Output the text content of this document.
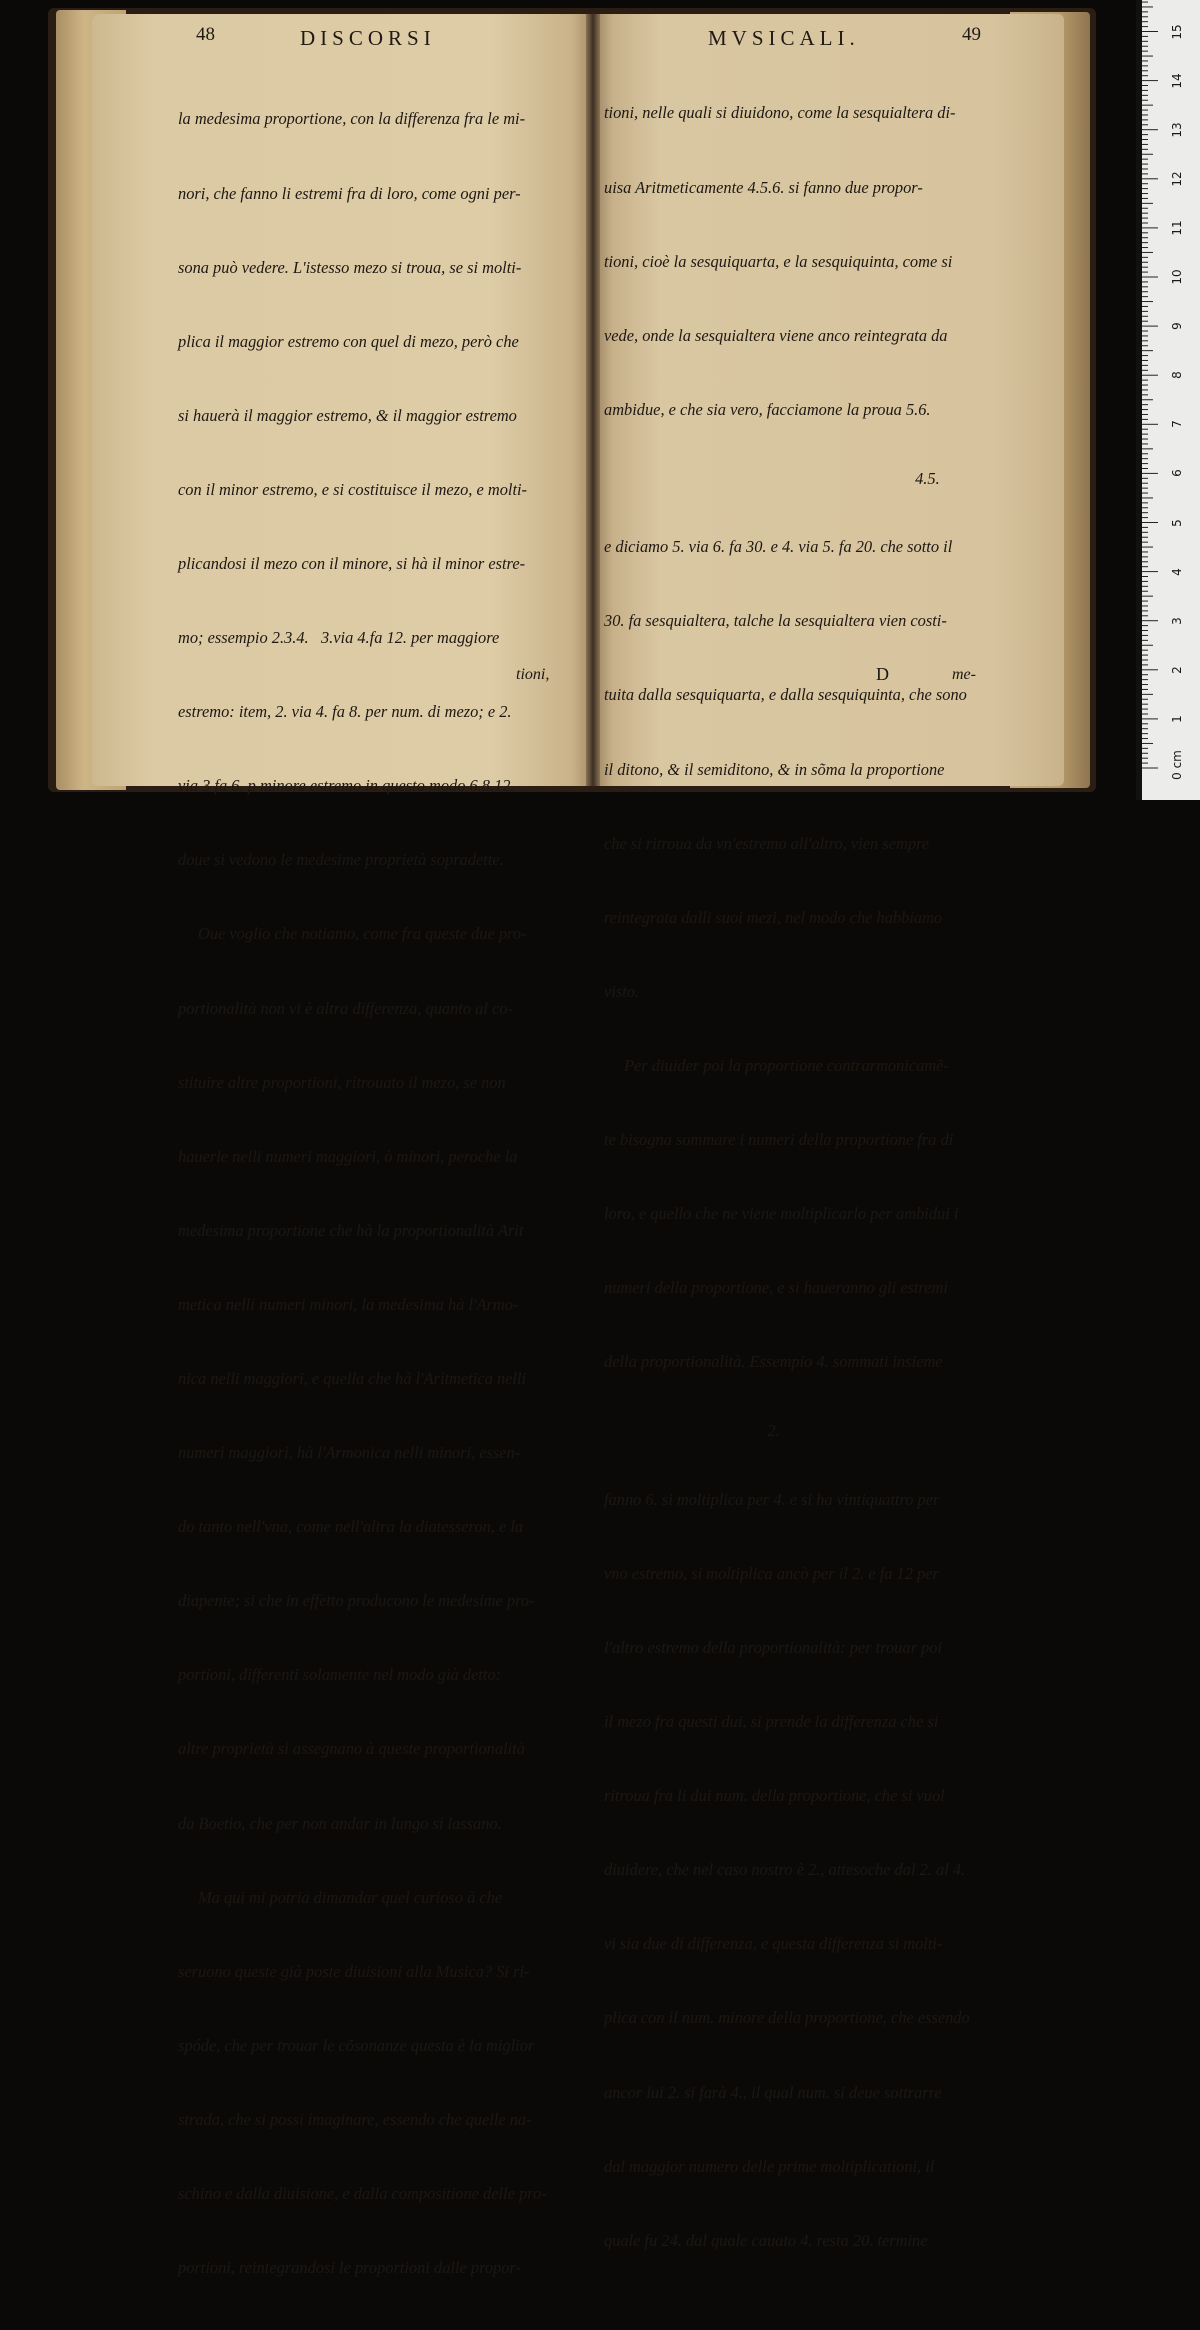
48	DISCORSI	MVSICALI.	49

la medesima proportione, con la differenza fra le mi-

nori, che fanno li estremi fra di loro, come ogni per-

sona può vedere. L'istesso mezo si troua, se si molti-

plica il maggior estremo con quel di mezo, però che

si hauerà il maggior estremo, & il maggior estremo

con il minor estremo, e si costituisce il mezo, e molti-

plicandosi il mezo con il minore, si hà il minor estre-

mo; essempio 2.3.4.   3.via 4.fa 12. per maggiore

estremo: item, 2. via 4. fa 8. per num. di mezo; e 2.

via 3 fa 6. p minore estremo in questo modo 6.8.12.

doue si vedono le medesime proprietà sopradette.

Oue voglio che notiamo, come fra queste due pro-

portionalità non vi è altra differenza, quanto al co-

stituire altre proportioni, ritrouato il mezo, se non

hauerle nelli numeri maggiori, ò minori, peroche la

medesima proportione che hà la proportionalità Arit

metica nelli numeri minori, la medesima hà l'Armo-

nica nelli maggiori, e quella che hà l'Aritmetica nelli

numeri maggiori, hà l'Armonica nelli minori, essen-

do tanto nell'vna, come nell'altra la diatesseron, e la

diapente; si che in effetto producono le medesime pro-

portioni, differenti solamente nel modo già detto:

altre proprietà si assegnano à queste proportionalità

da Boetio, che per non andar in lungo si lassano.

Ma qui mi potria dimandar quel curioso à che

seruono queste già poste diuisioni alla Musica? Si ri-

spóde, che per trouar le cõsonanze questa è la miglior

strada, che si possi imaginare, essendo che quelle na-

schino e dalla diuisione, e dalla compositione delle pro-

portioni, reintegrandosi le proportioni dalle propor-

tioni,

tioni, nelle quali si diuidono, come la sesquialtera di-

uisa Aritmeticamente 4.5.6. si fanno due propor-

tioni, cioè la sesquiquarta, e la sesquiquinta, come si

vede, onde la sesquialtera viene anco reintegrata da

ambidue, e che sia vero, facciamone la proua 5.6.

4.5.

e diciamo 5. via 6. fa 30. e 4. via 5. fa 20. che sotto il

30. fa sesquialtera, talche la sesquialtera vien costi-

tuita dalla sesquiquarta, e dalla sesquiquinta, che sono

il ditono, & il semiditono, & in sõma la proportione

che si ritroua da vn'estremo all'altro, vien sempre

reintegrata dalli suoi mezi, nel modo che habbiamo

visto.

Per diuider poi la proportione contrarmonicamẽ-

te bisogna sommare i numeri della proportione fra di

loro, e quello che ne viene moltiplicarlo per ambidui i

numeri della proportione, e si haueranno gli estremi

della proportionalità. Essempio 4. sommati insieme

2.

fanno 6. si moltiplica per 4. e si ha vintiquattro per

vno estremo, si moltiplica ancò per il 2. e fa 12 per

l'altro estremo della proportionalità: per trouar poi

il mezo fra questi dui, si prende la differenza che si

ritroua fra li dui num. della proportione, che si vuol

diuidere, che nel caso nostro è 2., attesoche dal 2. al 4.

vi sia due di differenza, e questa differenza si molti-

plica con il num. minore della proportione, che essendo

ancor lui 2. si farà 4., il qual num. si deue sottrarre

dal maggior numero delle prime moltiplicationi, il

quale fu 24. dal quale cauato 4. resta 20. termine

D	me-
0 cm
1
2
3
4
5
6
7
8
9
10
11
12
13
14
15
